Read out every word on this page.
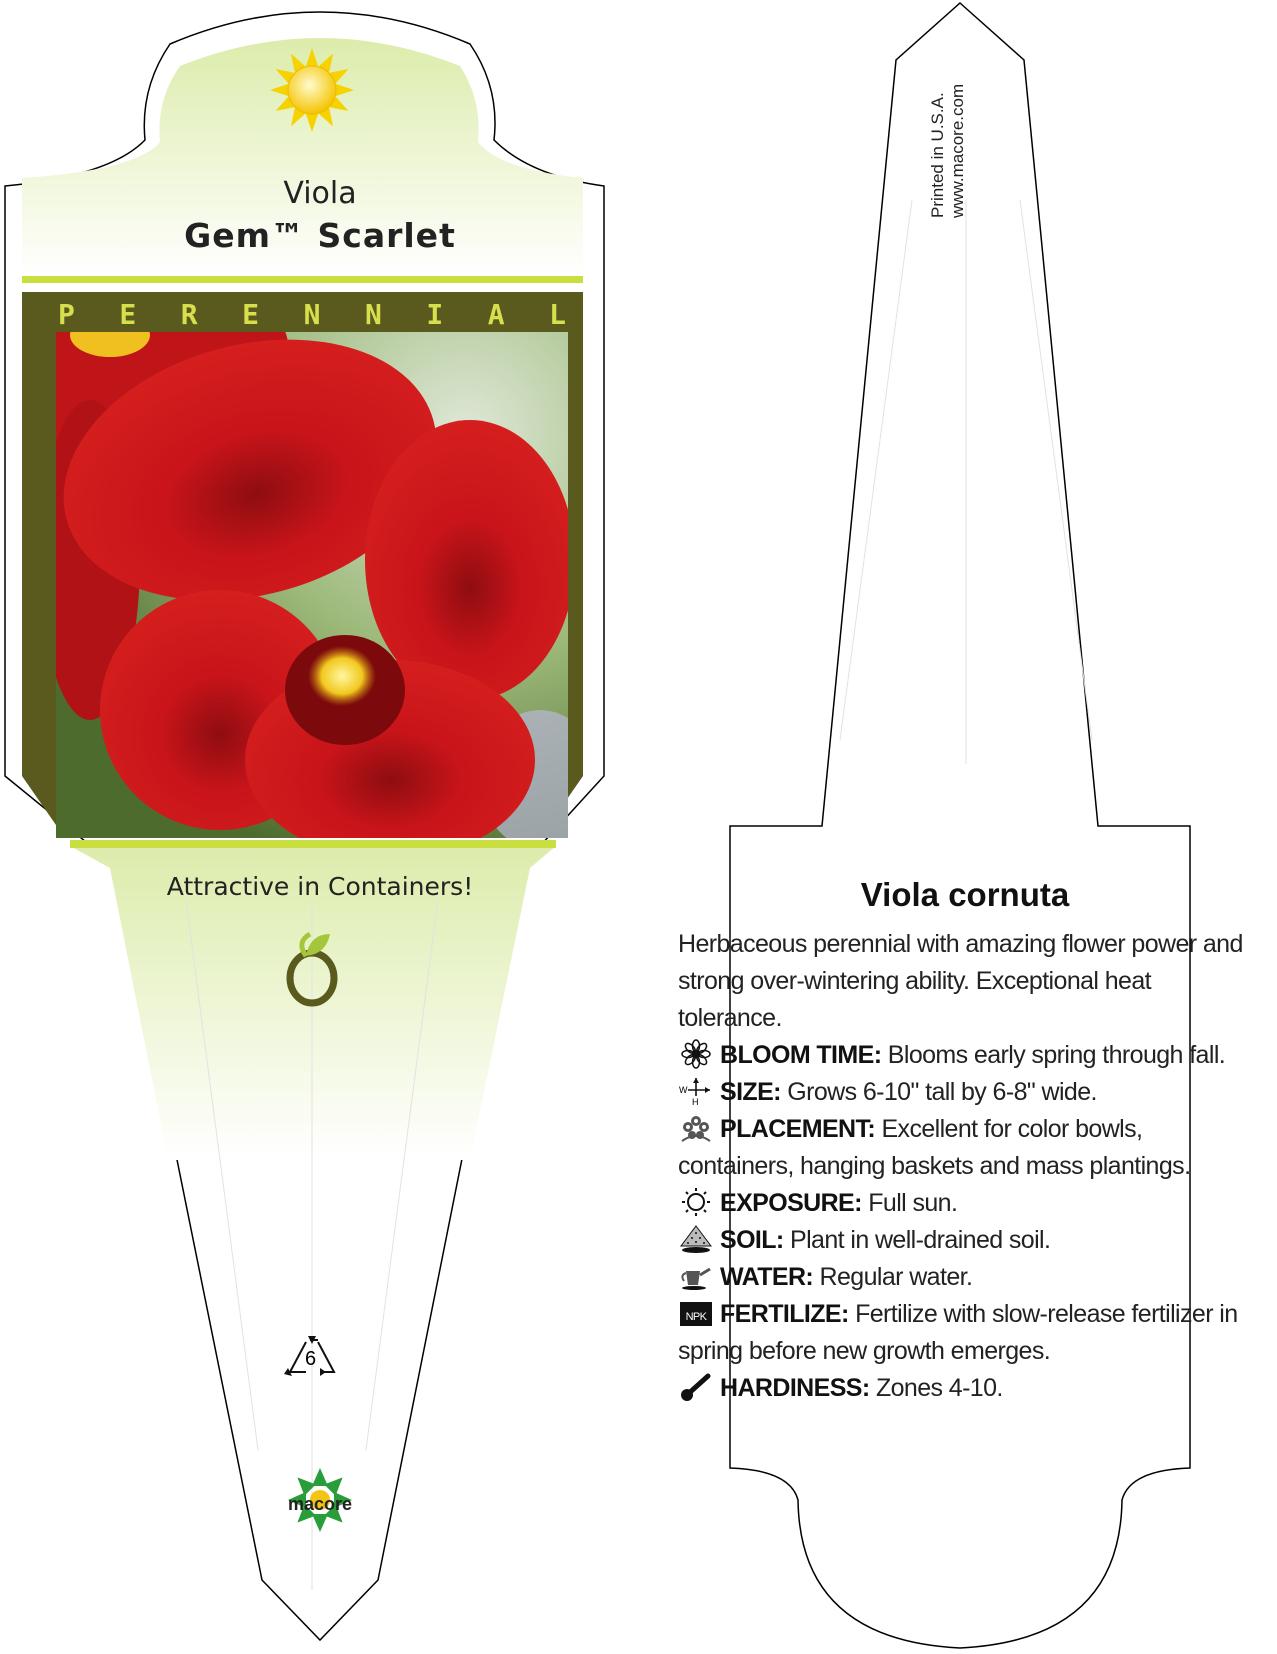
Viola
Gem™ Scarlet
P E R E N N I A L
Attractive in Containers!
6
macore
Printed in U.S.A.
www.macore.com
Viola cornuta

Herbaceous perennial with amazing flower power and strong over-wintering ability. Exceptional heat tolerance.

BLOOM TIME: Blooms early spring through fall.

W
H SIZE: Grows 6-10" tall by 6-8" wide.

PLACEMENT: Excellent for color bowls, containers, hanging baskets and mass plantings.

EXPOSURE: Full sun.

SOIL: Plant in well-drained soil.

WATER: Regular water.

NPK FERTILIZE: Fertilize with slow-release fertilizer in spring before new growth emerges.

HARDINESS: Zones 4-10.
